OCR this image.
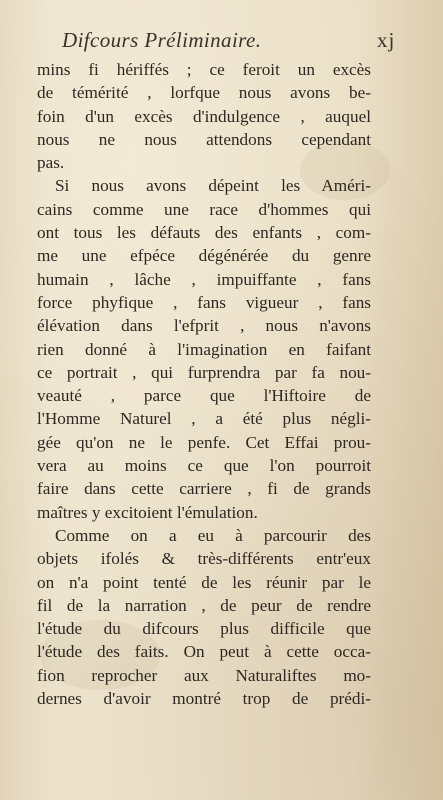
Difcours Préliminaire.	xj
mins fi hériffés ; ce feroit un excès
de témérité , lorfque nous avons be-
foin d'un excès d'indulgence , auquel
nous ne nous attendons cependant
pas.
Si nous avons dépeint les Améri-
cains comme une race d'hommes qui
ont tous les défauts des enfants , com-
me une efpéce dégénérée du genre
humain , lâche , impuiffante , fans
force phyfique , fans vigueur , fans
élévation dans l'efprit , nous n'avons
rien donné à l'imagination en faifant
ce portrait , qui furprendra par fa nou-
veauté , parce que l'Hiftoire de
l'Homme Naturel , a été plus négli-
gée qu'on ne le penfe. Cet Effai prou-
vera au moins ce que l'on pourroit
faire dans cette carriere , fi de grands
maîtres y excitoient l'émulation.
Comme on a eu à parcourir des
objets ifolés & très-différents entr'eux
on n'a point tenté de les réunir par le
fil de la narration , de peur de rendre
l'étude du difcours plus difficile que
l'étude des faits. On peut à cette occa-
fion reprocher aux Naturaliftes mo-
dernes d'avoir montré trop de prédi-
